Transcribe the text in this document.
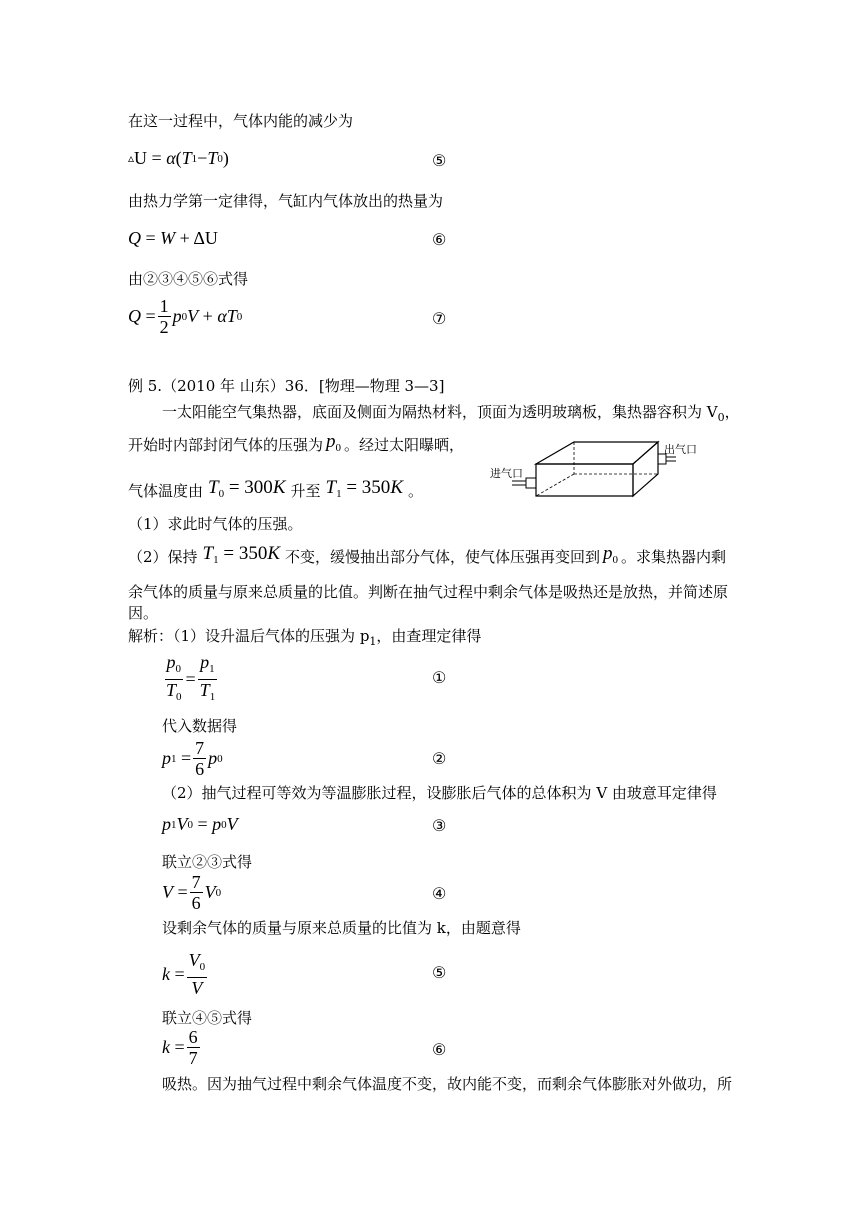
在这一过程中，气体内能的减少为
▵ U = α ( T 1 − T 0 )	⑤
由热力学第一定律得，气缸内气体放出的热量为
Q = W + ΔU	⑥
由②③④⑤⑥式得
$Q = \frac{1}{2}$ p 0 V + αT 0	⑦
例 5.（2010 年 山东）36．[物理—物理 3—3]
一太阳能空气集热器，底面及侧面为隔热材料，顶面为透明玻璃板，集热器容积为 $V_0$，
开始时内部封闭气体的压强为 $p_0$ 。经过太阳曝晒，
气体温度由 $T_0 = 300K$ 升至 $T_1 = 350K$ 。
进气口
出气口
（1）求此时气体的压强。
（2）保持 $T_1 = 350K$ 不变，缓慢抽出部分气体，使气体压强再变回到 $p_0$ 。求集热器内剩
余气体的质量与原来总质量的比值。判断在抽气过程中剩余气体是吸热还是放热，并简述原
因。
解析：（1）设升温后气体的压强为 $p_1$，由查理定律得
$\frac{p_0}{T_0} = \frac{p_1}{T_1}$	①
代入数据得
p $1 = \frac{7}{6}$ p 0	②
（2）抽气过程可等效为等温膨胀过程，设膨胀后气体的总体积为 V 由玻意耳定律得
p 1 V 0 = p 0 V	③
联立②③式得
$V = \frac{7}{6}$ V 0	④
设剩余气体的质量与原来总质量的比值为 k，由题意得
$k = \frac{V_0}{V}$	⑤
联立④⑤式得
$k = \frac{6}{7}$	⑥
吸热。因为抽气过程中剩余气体温度不变，故内能不变，而剩余气体膨胀对外做功，所
